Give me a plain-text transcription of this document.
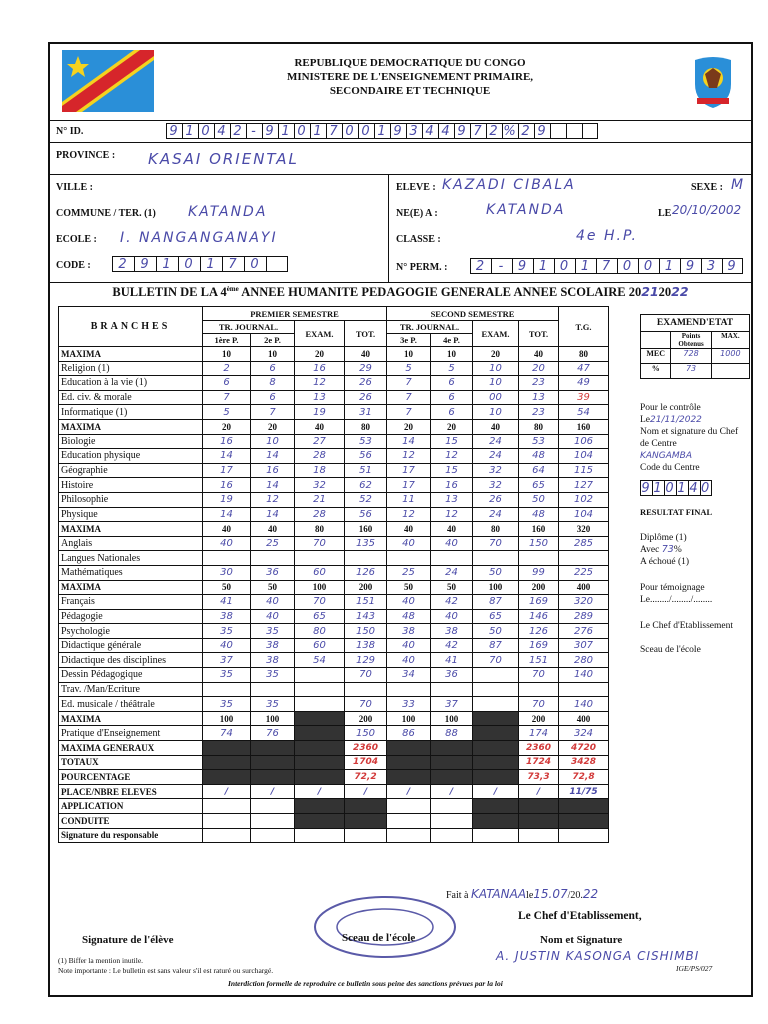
REPUBLIQUE DEMOCRATIQUE DU CONGO
MINISTERE DE L'ENSEIGNEMENT PRIMAIRE,
SECONDAIRE ET TECHNIQUE
N° ID.	9 1 0 4 2 - 9 1 0 1 7 0 0 1 9 3 4 4 9 7 2 % 2 9
PROVINCE : KASAI ORIENTAL
VILLE :
COMMUNE / TER. (1) KATANDA
ECOLE : I. NANGANGANAYI
CODE :	2 9 1 0 1 7 0
ELEVE : KAZADI CIBALA	SEXE : M
NE(E) A :	KATANDA	LE 20/10/2002
CLASSE :	4e H.P.
N° PERM. :	2 - 9 1 0 1 7 0 0 1 9 3 9
BULLETIN DE LA 4ème ANNEE HUMANITE PEDAGOGIE GENERALE ANNEE SCOLAIRE 20212022
BRANCHES	PREMIER SEMESTRE				SECOND SEMESTRE				T.G.
	TR. JOURNAL.		EXAM.	TOT.	TR. JOURNAL.		EXAM.	TOT.	
	1ère P.	2e P.			3e P.	4e P.			
MAXIMA	10	10	20	40	10	10	20	40	80
Religion (1)	2	6	16	29	5	5	10	20	47
Education à la vie (1)	6	8	12	26	7	6	10	23	49
Ed. civ. & morale	7	6	13	26	7	6	00	13	39
Informatique (1)	5	7	19	31	7	6	10	23	54
MAXIMA	20	20	40	80	20	20	40	80	160
Biologie	16	10	27	53	14	15	24	53	106
Education physique	14	14	28	56	12	12	24	48	104
Géographie	17	16	18	51	17	15	32	64	115
Histoire	16	14	32	62	17	16	32	65	127
Philosophie	19	12	21	52	11	13	26	50	102
Physique	14	14	28	56	12	12	24	48	104
MAXIMA	40	40	80	160	40	40	80	160	320
Anglais	40	25	70	135	40	40	70	150	285
Langues Nationales									
Mathématiques	30	36	60	126	25	24	50	99	225
MAXIMA	50	50	100	200	50	50	100	200	400
Français	41	40	70	151	40	42	87	169	320
Pédagogie	38	40	65	143	48	40	65	146	289
Psychologie	35	35	80	150	38	38	50	126	276
Didactique générale	40	38	60	138	40	42	87	169	307
Didactique des disciplines	37	38	54	129	40	41	70	151	280
Dessin Pédagogique	35	35		70	34	36		70	140
Trav. /Man/Ecriture									
Ed. musicale / théâtrale	35	35		70	33	37		70	140
MAXIMA	100	100		200	100	100		200	400
Pratique d'Enseignement	74	76		150	86	88		174	324
MAXIMA GENERAUX				2360				2360	4720
TOTAUX				1704				1724	3428
POURCENTAGE				72,2				73,3	72,8
PLACE/NBRE ELEVES	/	/	/	/	/	/	/	/	11/75
APPLICATION									
CONDUITE									
Signature du responsable									
EXAMEND'ETAT
Points Obtenus
MAX.
MEC	728	1000
%	73

Pour le contrôle

Le21/11/2022

Nom et signature du Chef de Centre

KANGAMBA

Code du Centre

9 1 0 1 4 0

RESULTAT FINAL

Diplôme (1)

Avec 73%

A échoué (1)

Pour témoignage

Le......../......../........

Le Chef d'Etablissement

Sceau de l'école

Fait à KATANAAle15.07/20.22
Le Chef d'Etablissement,
Signature de l'élève	Sceau de l'école	Nom et Signature
A. JUSTIN KASONGA CISHIMBI
(1) Biffer la mention inutile.
Note importante : Le bulletin est sans valeur s'il est raturé ou surchargé.
Interdiction formelle de reproduire ce bulletin sous peine des sanctions prévues par la loi
IGE/PS/027
